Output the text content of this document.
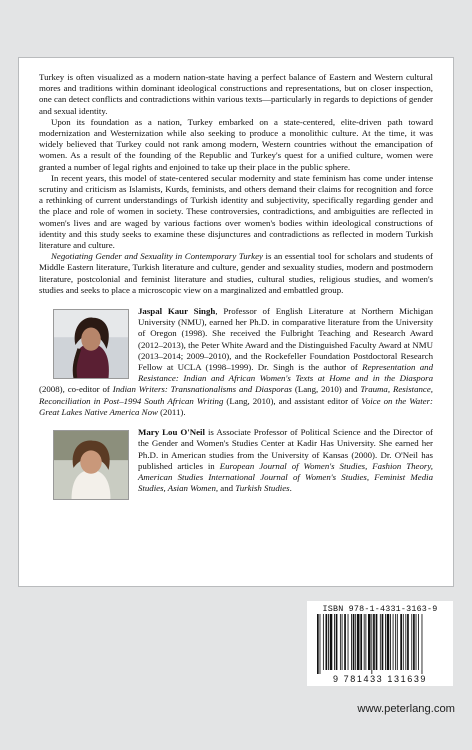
Turkey is often visualized as a modern nation-state having a perfect balance of Eastern and Western cultural mores and traditions within dominant ideological constructions and representations, but on closer inspection, one can detect conflicts and contradictions within various texts—particularly in regards to depictions of gender and sexual identity.

Upon its foundation as a nation, Turkey embarked on a state-centered, elite-driven path toward modernization and Westernization while also seeking to produce a monolithic culture. At the time, it was widely believed that Turkey could not rank among modern, Western countries without the emancipation of women. As a result of the founding of the Republic and Turkey's quest for a unified culture, women were granted a number of legal rights and enjoined to take up their place in the public sphere.

In recent years, this model of state-centered secular modernity and state feminism has come under intense scrutiny and criticism as Islamists, Kurds, feminists, and others demand their claims for recognition and force a rethinking of current understandings of Turkish identity and subjectivity, specifically regarding gender and the place and role of women in society. These controversies, contradictions, and ambiguities are reflected in women's lives and are waged by various factions over women's bodies within ideological constructions of identity and this study seeks to examine these disjunctures and contradictions as reflected in modern Turkish literature and culture.

Negotiating Gender and Sexuality in Contemporary Turkey is an essential tool for scholars and students of Middle Eastern literature, Turkish literature and culture, gender and sexuality studies, modern and postmodern literature, postcolonial and feminist literature and studies, cultural studies, religious studies, and women's studies and seeks to place a microscopic view on a marginalized and embattled group.

Jaspal Kaur Singh, Professor of English Literature at Northern Michigan University (NMU), earned her Ph.D. in comparative literature from the University of Oregon (1998). She received the Fulbright Teaching and Research Award (2012–2013), the Peter White Award and the Distinguished Faculty Award at NMU (2013–2014; 2009–2010), and the Rockefeller Foundation Postdoctoral Research Fellow at UCLA (1998–1999). Dr. Singh is the author of Representation and Resistance: Indian and African Women's Texts at Home and in the Diaspora (2008), co-editor of Indian Writers: Transnationalisms and Diasporas (Lang, 2010) and Trauma, Resistance, Reconciliation in Post–1994 South African Writing (Lang, 2010), and assistant editor of Voice on the Water: Great Lakes Native America Now (2011).

Mary Lou O'Neil is Associate Professor of Political Science and the Director of the Gender and Women's Studies Center at Kadir Has University. She earned her Ph.D. in American studies from the University of Kansas (2000). Dr. O'Neil has published articles in European Journal of Women's Studies, Fashion Theory, American Studies International Journal of Women's Studies, Feminist Media Studies, Asian Women, and Turkish Studies.

ISBN 978-1-4331-3163-9
9 781433 131639
www.peterlang.com
